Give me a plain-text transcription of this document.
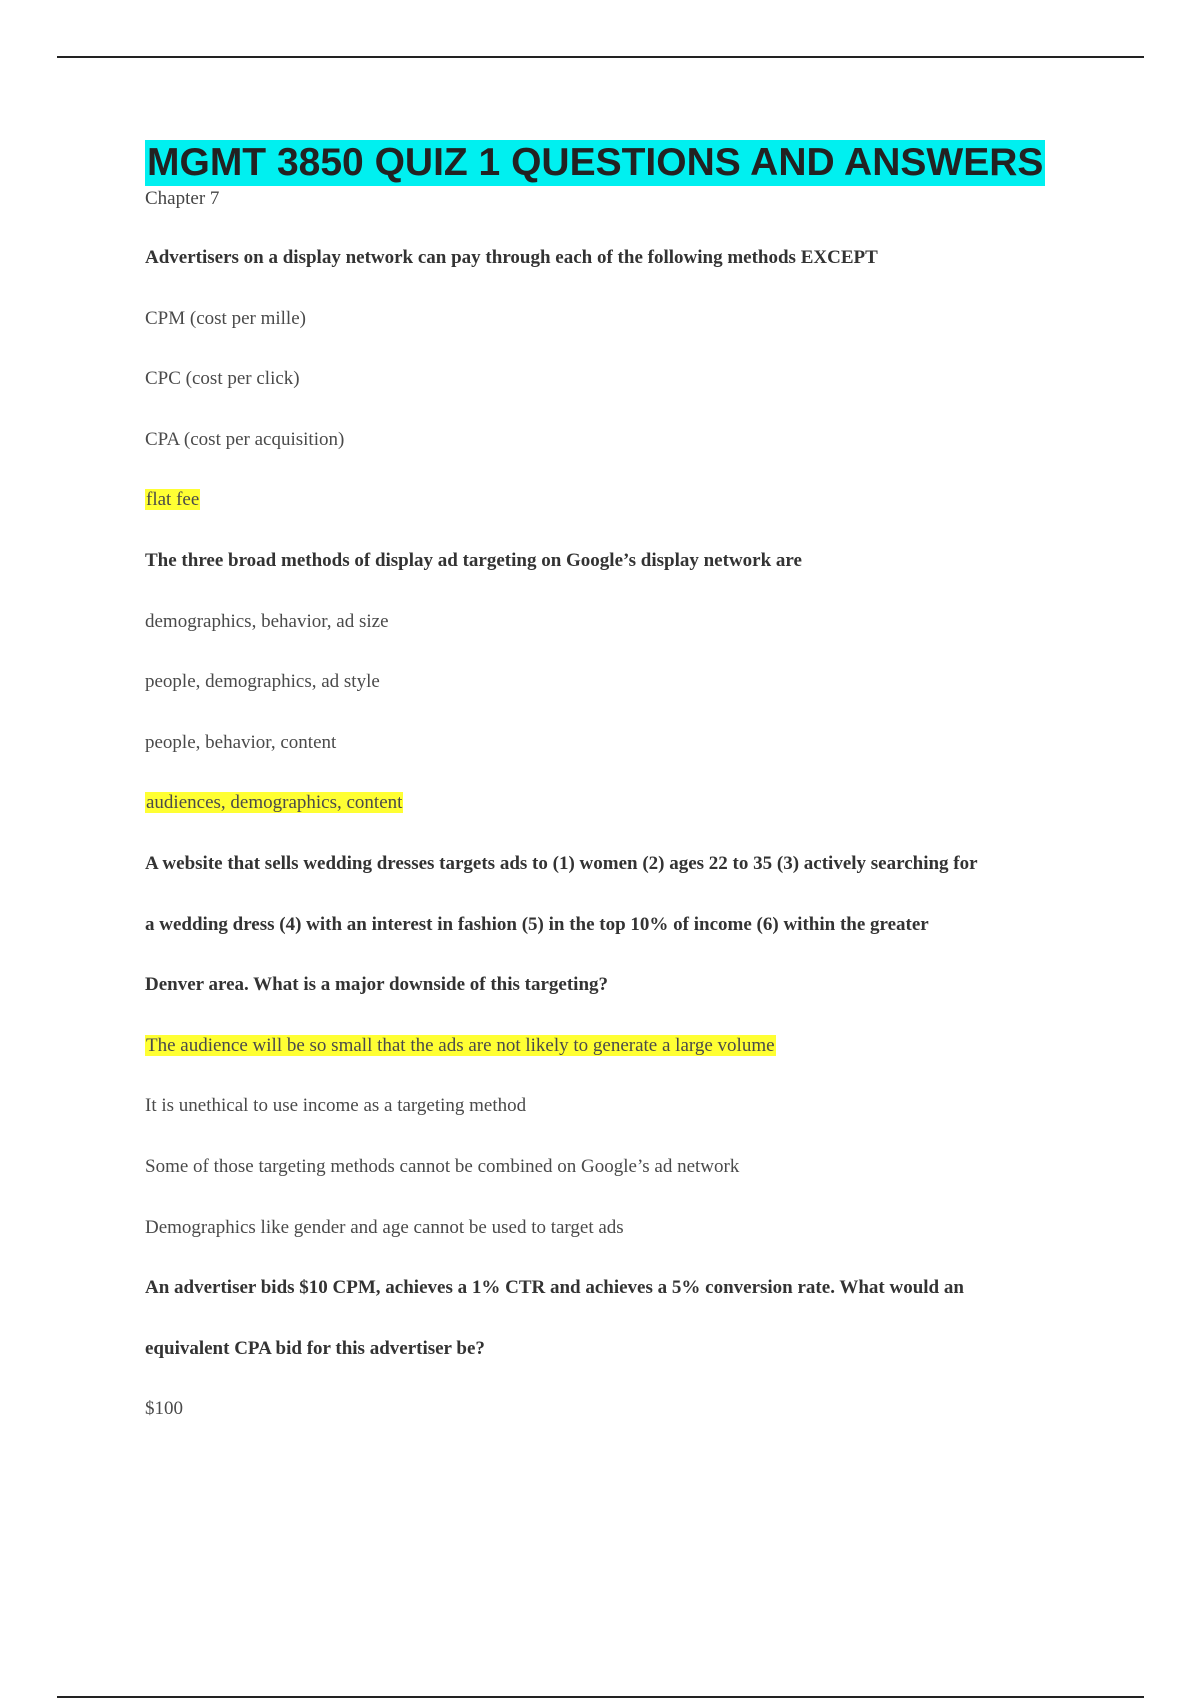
MGMT 3850 QUIZ 1 QUESTIONS AND ANSWERS

Chapter 7

Advertisers on a display network can pay through each of the following methods EXCEPT

CPM (cost per mille)

CPC (cost per click)

CPA (cost per acquisition)

flat fee

The three broad methods of display ad targeting on Google’s display network are

demographics, behavior, ad size

people, demographics, ad style

people, behavior, content

audiences, demographics, content

A website that sells wedding dresses targets ads to (1) women (2) ages 22 to 35 (3) actively searching for

a wedding dress (4) with an interest in fashion (5) in the top 10% of income (6) within the greater

Denver area. What is a major downside of this targeting?

The audience will be so small that the ads are not likely to generate a large volume

It is unethical to use income as a targeting method

Some of those targeting methods cannot be combined on Google’s ad network

Demographics like gender and age cannot be used to target ads

An advertiser bids $10 CPM, achieves a 1% CTR and achieves a 5% conversion rate. What would an

equivalent CPA bid for this advertiser be?

$100
